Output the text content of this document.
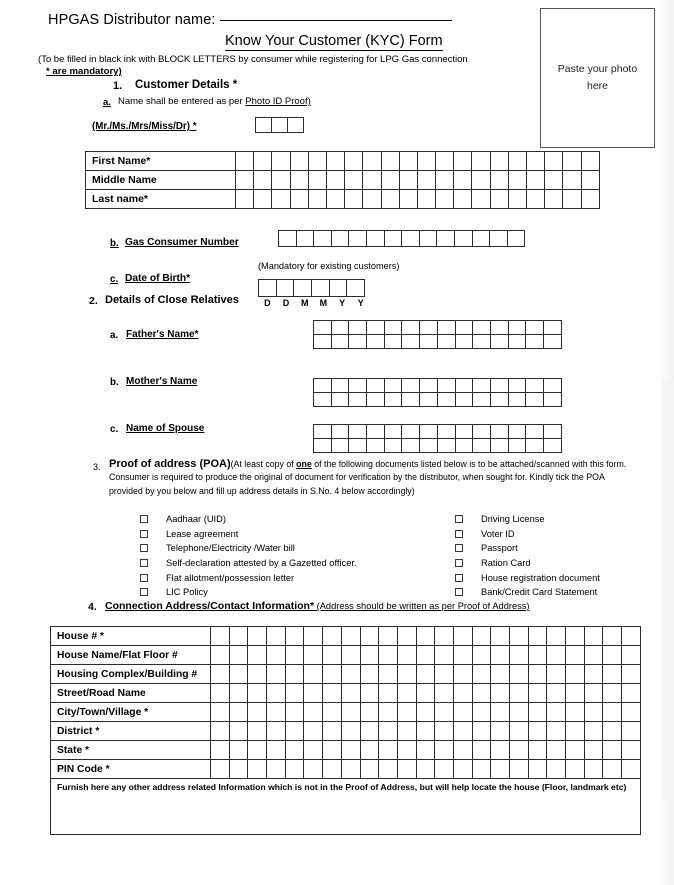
HPGAS Distributor name:
Know Your Customer (KYC) Form
(To be filled in black ink with BLOCK LETTERS by consumer while registering for LPG Gas connection
* are mandatory)	Paste your photo
here
1. Customer Details *
a. Name shall be entered as per Photo ID Proof)
(Mr./Ms./Mrs/Miss/Dr) *
First Name*																				
Middle Name																				
Last name*																				
b. Gas Consumer Number
(Mandatory for existing customers)
c. Date of Birth*
D	D	M	M	Y	Y
2. Details of Close Relatives
a. Father's Name*
b. Mother's Name
c. Name of Spouse
3. Proof of address (POA)(At least copy of one of the following documents listed below is to be attached/scanned with this form. Consumer is required to produce the original of document for verification by the distributor, when sought for. Kindly tick the POA provided by you below and fill up address details in S.No. 4 below accordingly)
Aadhaar (UID)
Lease agreement
Telephone/Electricity /Water bill
Self-declaration attested by a Gazetted officer.
Flat allotment/possession letter
LIC Policy
Driving License
Voter ID
Passport
Ration Card
House registration document
Bank/Credit Card Statement
4. Connection Address/Contact Information* (Address should be written as per Proof of Address)
House # *																							
House Name/Flat Floor #																							
Housing Complex/Building #																							
Street/Road Name																							
City/Town/Village *																							
District *																							
State *																							
PIN Code *																							
Furnish here any other address related Information which is not in the Proof of Address, but will help locate the house (Floor, landmark etc)																							
